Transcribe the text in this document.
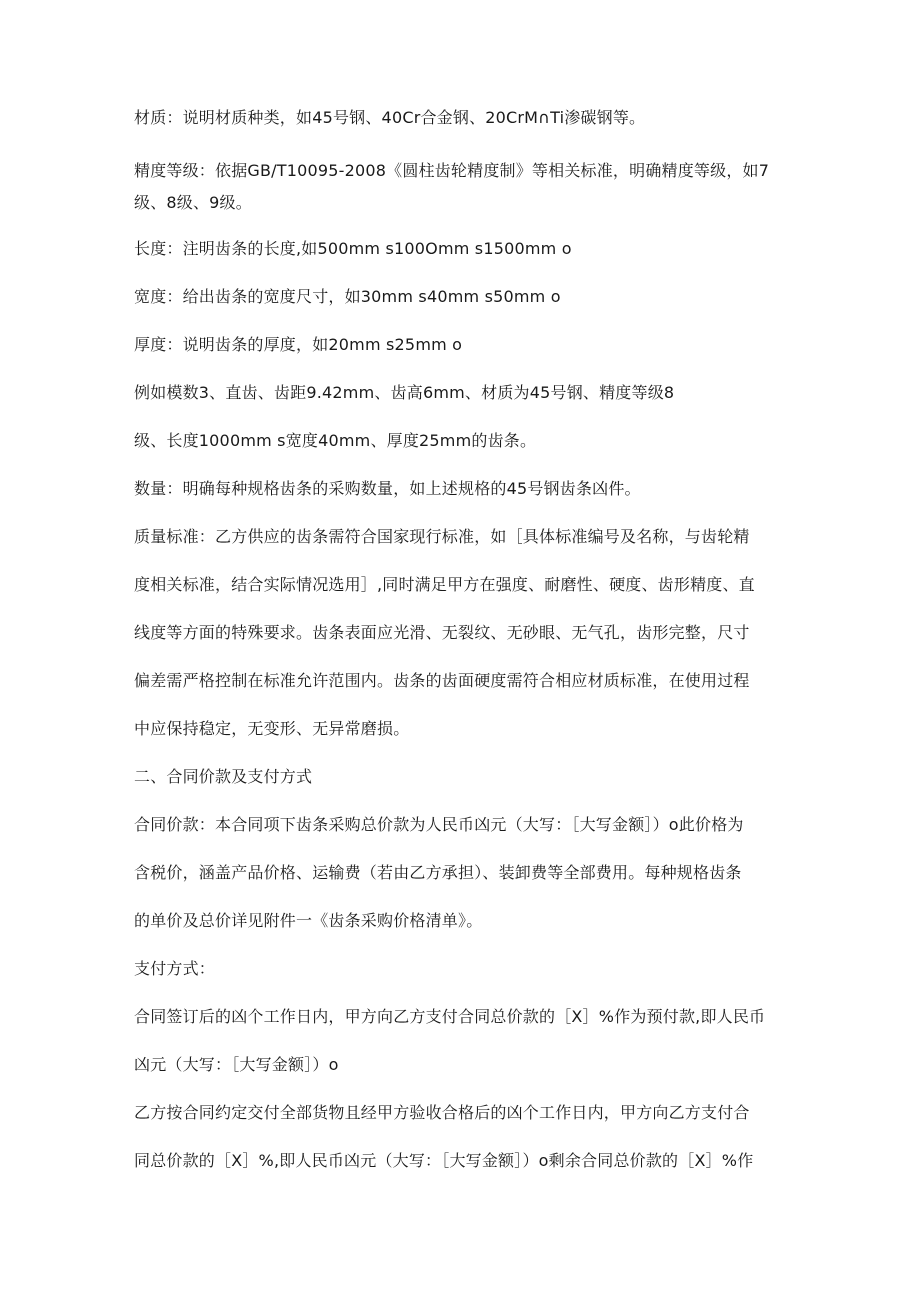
材质：说明材质种类，如45号钢、40Cr合金钢、20CrM∩Ti渗碳钢等。
精度等级：依据GB/T10095-2008《圆柱齿轮精度制》等相关标准，明确精度等级，如7
级、8级、9级。
长度：注明齿条的长度,如500mm s100Omm s1500mm o
宽度：给出齿条的宽度尺寸，如30mm s40mm s50mm o
厚度：说明齿条的厚度，如20mm s25mm o
例如模数3、直齿、齿距9.42mm、齿高6mm、材质为45号钢、精度等级8
级、长度1000mm s宽度40mm、厚度25mm的齿条。
数量：明确每种规格齿条的采购数量，如上述规格的45号钢齿条凶件。
质量标准：乙方供应的齿条需符合国家现行标准，如［具体标准编号及名称，与齿轮精
度相关标准，结合实际情况选用］,同时满足甲方在强度、耐磨性、硬度、齿形精度、直
线度等方面的特殊要求。齿条表面应光滑、无裂纹、无砂眼、无气孔，齿形完整，尺寸
偏差需严格控制在标准允许范围内。齿条的齿面硬度需符合相应材质标准，在使用过程
中应保持稳定，无变形、无异常磨损。
二、合同价款及支付方式
合同价款：本合同项下齿条采购总价款为人民币凶元（大写：［大写金额］）o此价格为
含税价，涵盖产品价格、运输费（若由乙方承担）、装卸费等全部费用。每种规格齿条
的单价及总价详见附件一《齿条采购价格清单》。
支付方式：
合同签订后的凶个工作日内，甲方向乙方支付合同总价款的［X］%作为预付款,即人民币
凶元（大写：［大写金额］）o
乙方按合同约定交付全部货物且经甲方验收合格后的凶个工作日内，甲方向乙方支付合
同总价款的［X］%,即人民币凶元（大写：［大写金额］）o剩余合同总价款的［X］%作
